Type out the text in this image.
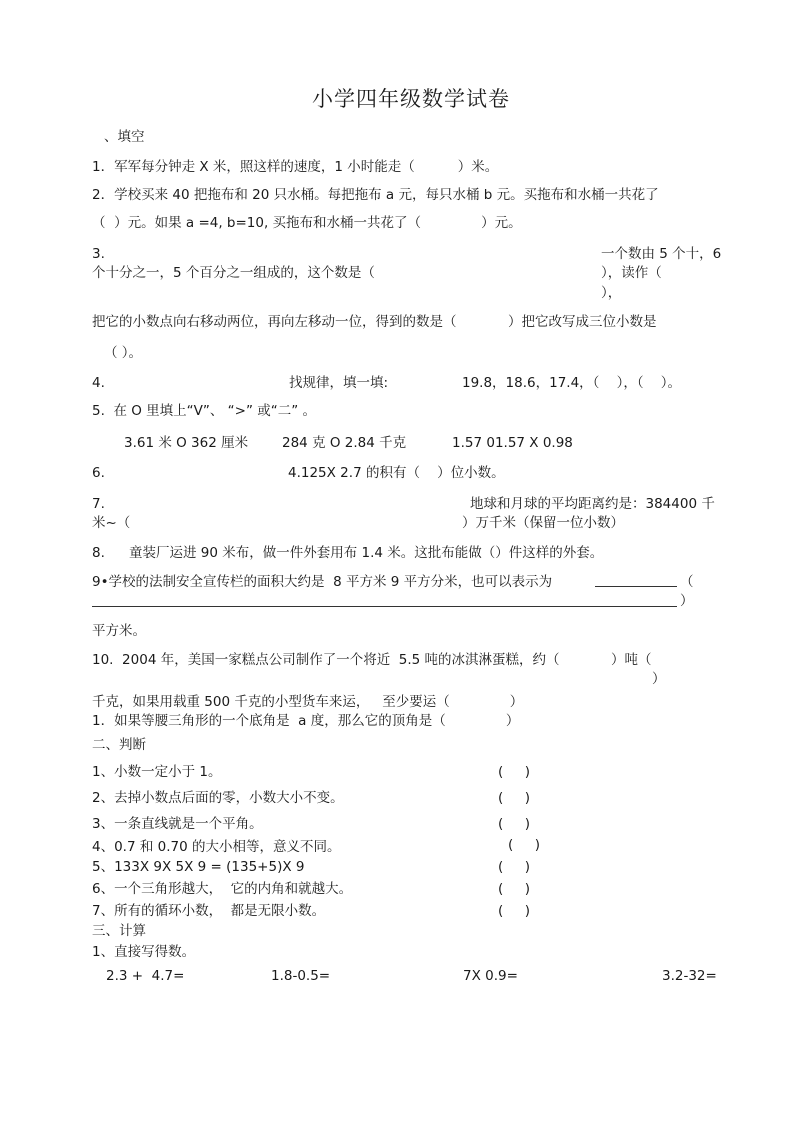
小学四年级数学试卷
、填空
1．军军每分钟走 X 米，照这样的速度，1 小时能走（          ）米。
2．学校买来 40 把拖布和 20 只水桶。每把拖布 a 元，每只水桶 b 元。买拖布和水桶一共花了
（  ）元。如果 a =4, b=10, 买拖布和水桶一共花了（              ）元。
3.	一个数由 5 个十，6
个十分之一，5 个百分之一组成的，这个数是（	），读作（
），
把它的小数点向右移动两位，再向左移动一位，得到的数是（            ）把它改写成三位小数是
（ ）。
4.	找规律，填一填:	19.8，18.6，17.4，（    ），（    ）。
5.  在 O 里填上“V”、 “>” 或“二” 。
3.61 米 O 362 厘米	284 克 O 2.84 千克	1.57 01.57 X 0.98
6.	4.125X 2.7 的积有（    ）位小数。
7.	地球和月球的平均距离约是：384400 千
米~（	）万千米（保留一位小数）
8. 童装厂运进 90 米布，做一件外套用布 1.4 米。这批布能做（）件这样的外套。
9•学校的法制安全宣传栏的面积大约是  8 平方米 9 平方分米，也可以表示为	（
）
平方米。
10.  2004 年，美国一家糕点公司制作了一个将近  5.5 吨的冰淇淋蛋糕，约（            ）吨（
）
千克，如果用载重 500 千克的小型货车来运，   至少要运（              ）
1．如果等腰三角形的一个底角是  a 度，那么它的顶角是（              ）
二、判断
1、小数一定小于 1。	(     )
2、去掉小数点后面的零，小数大小不变。	(     )
3、一条直线就是一个平角。	(     )
4、0.7 和 0.70 的大小相等，意义不同。	(     )
5、133X 9X 5X 9 = (135+5)X 9	(     )
6、一个三角形越大，  它的内角和就越大。	(     )
7、所有的循环小数，  都是无限小数。	(     )
三、计算
1、直接写得数。
2.3 +  4.7=	1.8-0.5=	7X 0.9=	3.2-32=
